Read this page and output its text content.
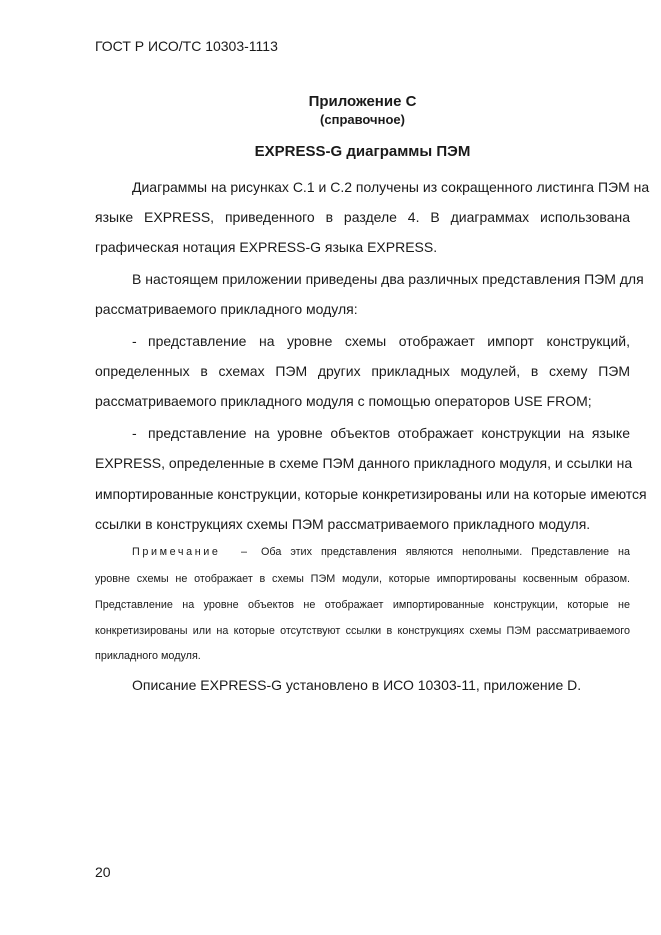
ГОСТ Р ИСО/ТС 10303-1113
Приложение С
(справочное)
EXPRESS-G диаграммы ПЭМ
Диаграммы на рисунках С.1 и С.2 получены из сокращенного листинга ПЭМ на
языке EXPRESS, приведенного в разделе 4. В диаграммах использована
графическая нотация EXPRESS-G языка EXPRESS.
В настоящем приложении приведены два различных представления ПЭМ для
рассматриваемого прикладного модуля:
- представление на уровне схемы отображает импорт конструкций,
определенных в схемах ПЭМ других прикладных модулей, в схему ПЭМ
рассматриваемого прикладного модуля с помощью операторов USE FROM;
- представление на уровне объектов отображает конструкции на языке
EXPRESS, определенные в схеме ПЭМ данного прикладного модуля, и ссылки на
импортированные конструкции, которые конкретизированы или на которые имеются
ссылки в конструкциях схемы ПЭМ рассматриваемого прикладного модуля.
Примечание	–	Оба этих представления являются неполными. Представление на
уровне схемы не отображает в схемы ПЭМ модули, которые импортированы косвенным образом.
Представление на уровне объектов не отображает импортированные конструкции, которые не
конкретизированы или на которые отсутствуют ссылки в конструкциях схемы ПЭМ рассматриваемого
прикладного модуля.
Описание EXPRESS-G установлено в ИСО 10303-11, приложение D.
20
